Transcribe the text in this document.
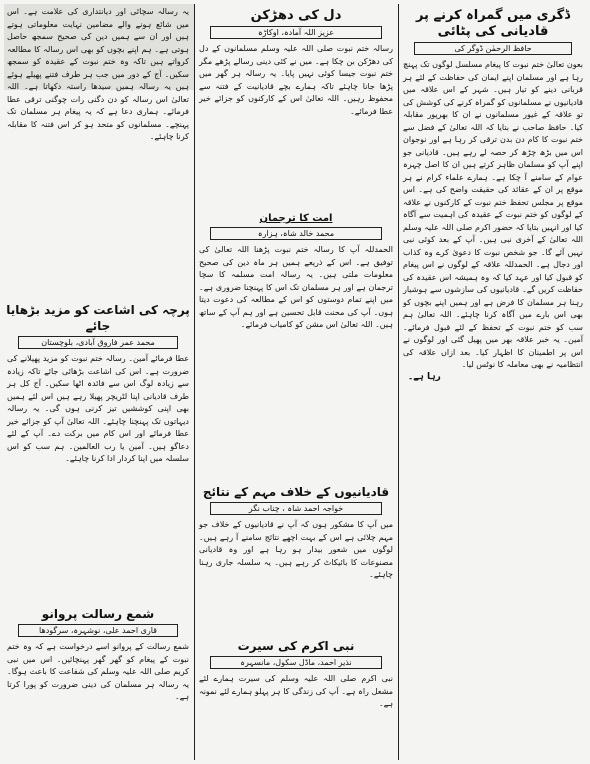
ڈگری میں گمراہ کرنے پر قادیانی کی پٹائی
حافظ الرحمٰن ڈوگر کی
بعون تعالیٰ ختم نبوت کا پیغام مسلسل لوگوں تک پہنچ رہا ہے اور مسلمان اپنے ایمان کی حفاظت کے لئے ہر قربانی دینے کو تیار ہیں۔ شہر کے اس علاقہ میں قادیانیوں نے مسلمانوں کو گمراہ کرنے کی کوشش کی تو علاقہ کے غیور مسلمانوں نے ان کا بھرپور مقابلہ کیا۔ حافظ صاحب نے بتایا کہ اللہ تعالیٰ کے فضل سے ختم نبوت کا کام دن بدن ترقی کر رہا ہے اور نوجوان اس میں بڑھ چڑھ کر حصہ لے رہے ہیں۔ قادیانی جو اپنے آپ کو مسلمان ظاہر کرتے ہیں ان کا اصل چہرہ عوام کے سامنے آ چکا ہے۔ ہمارے علماء کرام نے ہر موقع پر ان کے عقائد کی حقیقت واضح کی ہے۔ اس موقع پر مجلس تحفظ ختم نبوت کے کارکنوں نے علاقہ کے لوگوں کو ختم نبوت کے عقیدہ کی اہمیت سے آگاہ کیا اور انہیں بتایا کہ حضور اکرم صلی اللہ علیہ وسلم اللہ تعالیٰ کے آخری نبی ہیں۔ آپ کے بعد کوئی نبی نہیں آئے گا۔ جو شخص نبوت کا دعویٰ کرے وہ کذاب اور دجال ہے۔ الحمدللہ علاقہ کے لوگوں نے اس پیغام کو قبول کیا اور عہد کیا کہ وہ ہمیشہ اس عقیدہ کی حفاظت کریں گے۔ قادیانیوں کی سازشوں سے ہوشیار رہنا ہر مسلمان کا فرض ہے اور ہمیں اپنے بچوں کو بھی اس بارے میں آگاہ کرنا چاہئے۔ اللہ تعالیٰ ہم سب کو ختم نبوت کے تحفظ کے لئے قبول فرمائے۔ آمین۔ یہ خبر علاقہ بھر میں پھیل گئی اور لوگوں نے اس پر اطمینان کا اظہار کیا۔ بعد ازاں علاقہ کی انتظامیہ نے بھی معاملہ کا نوٹس لیا۔
رہا ہے۔
دل کی دھڑکن
عزیز اللہ آمادہ، اوکاڑہ
رسالہ ختم نبوت صلی اللہ علیہ وسلم مسلمانوں کے دل کی دھڑکن بن چکا ہے۔ میں نے کئی دینی رسالے پڑھے مگر ختم نبوت جیسا کوئی نہیں پایا۔ یہ رسالہ ہر گھر میں پڑھا جانا چاہئے تاکہ ہمارے بچے قادیانیت کے فتنہ سے محفوظ رہیں۔ اللہ تعالیٰ اس کے کارکنوں کو جزائے خیر عطا فرمائے۔
امت کا ترجمان
محمد خالد شاہ، ہزارہ
الحمدللہ آپ کا رسالہ ختم نبوت پڑھنا اللہ تعالیٰ کی توفیق ہے۔ اس کے ذریعے ہمیں ہر ماہ دین کی صحیح معلومات ملتی ہیں۔ یہ رسالہ امت مسلمہ کا سچا ترجمان ہے اور ہر مسلمان تک اس کا پہنچنا ضروری ہے۔ میں اپنے تمام دوستوں کو اس کے مطالعہ کی دعوت دیتا ہوں۔ آپ کی محنت قابل تحسین ہے اور ہم آپ کے ساتھ ہیں۔ اللہ تعالیٰ اس مشن کو کامیاب فرمائے۔
قادیانیوں کے خلاف مہم کے نتائج
خواجہ احمد شاہ ، چناب نگر
میں آپ کا مشکور ہوں کہ آپ نے قادیانیوں کے خلاف جو مہم چلائی ہے اس کے بہت اچھے نتائج سامنے آ رہے ہیں۔ لوگوں میں شعور بیدار ہو رہا ہے اور وہ قادیانی مصنوعات کا بائیکاٹ کر رہے ہیں۔ یہ سلسلہ جاری رہنا چاہئے۔
نبی اکرم کی سیرت
نذیر احمد، ماڈل سکول، مانسہرہ
نبی اکرم صلی اللہ علیہ وسلم کی سیرت ہمارے لئے مشعل راہ ہے۔ آپ کی زندگی کا ہر پہلو ہمارے لئے نمونہ ہے۔
یہ رسالہ سچائی اور دیانتداری کی علامت ہے۔ اس میں شائع ہونے والے مضامین نہایت معلوماتی ہوتے ہیں اور ان سے ہمیں دین کی صحیح سمجھ حاصل ہوتی ہے۔ ہم اپنے بچوں کو بھی اس رسالہ کا مطالعہ کرواتے ہیں تاکہ وہ ختم نبوت کے عقیدہ کو سمجھ سکیں۔ آج کے دور میں جب ہر طرف فتنے پھیلے ہوئے ہیں یہ رسالہ ہمیں سیدھا راستہ دکھاتا ہے۔ اللہ تعالیٰ اس رسالہ کو دن دگنی رات چوگنی ترقی عطا فرمائے۔ ہماری دعا ہے کہ یہ پیغام ہر مسلمان تک پہنچے۔ مسلمانوں کو متحد ہو کر اس فتنہ کا مقابلہ کرنا چاہئے۔
پرچہ کی اشاعت کو مزید بڑھایا جائے
محمد عمر فاروق آبادی، بلوچستان
عطا فرمائے آمین۔ رسالہ ختم نبوت کو مزید پھیلانے کی ضرورت ہے۔ اس کی اشاعت بڑھائی جائے تاکہ زیادہ سے زیادہ لوگ اس سے فائدہ اٹھا سکیں۔ آج کل ہر طرف قادیانی اپنا لٹریچر پھیلا رہے ہیں اس لئے ہمیں بھی اپنی کوششیں تیز کرنی ہوں گی۔ یہ رسالہ دیہاتوں تک پہنچنا چاہئے۔ اللہ تعالیٰ آپ کو جزائے خیر عطا فرمائے اور اس کام میں برکت دے۔ آپ کے لئے دعاگو ہیں۔ آمین یا رب العالمین۔ ہم سب کو اس سلسلہ میں اپنا کردار ادا کرنا چاہئے۔
شمع رسالت پروانو
قاری احمد علی، نوشہرہ، سرگودھا
شمع رسالت کے پروانو اسے درخواست ہے کہ وہ ختم نبوت کے پیغام کو گھر گھر پہنچائیں۔ اس میں نبی کریم صلی اللہ علیہ وسلم کی شفاعت کا باعث ہوگا۔ یہ رسالہ ہر مسلمان کی دینی ضرورت کو پورا کرتا ہے۔
